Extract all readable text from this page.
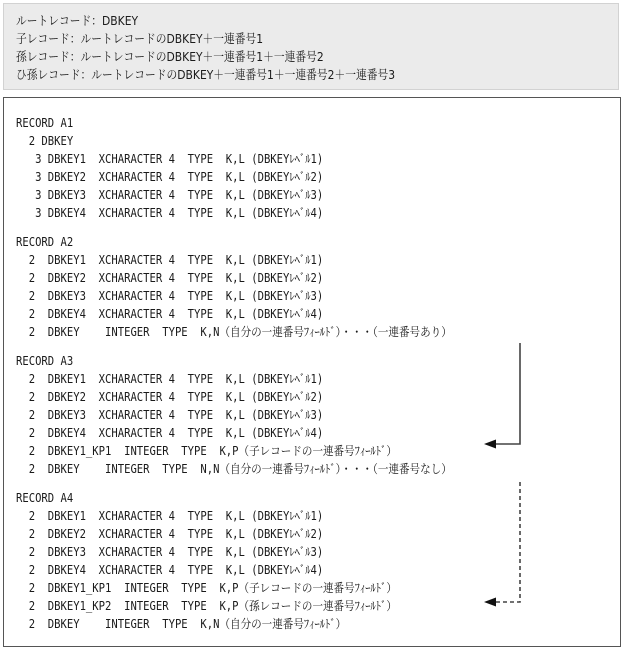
ルートレコード：DBKEY
子レコード：ルートレコードのDBKEY＋一連番号1
孫レコード：ルートレコードのDBKEY＋一連番号1＋一連番号2
ひ孫レコード：ルートレコードのDBKEY＋一連番号1＋一連番号2＋一連番号3
RECORD A1
2 DBKEY
3 DBKEY1  XCHARACTER 4  TYPE  K,L (DBKEYﾚﾍﾞﾙ1)
3 DBKEY2  XCHARACTER 4  TYPE  K,L (DBKEYﾚﾍﾞﾙ2)
3 DBKEY3  XCHARACTER 4  TYPE  K,L (DBKEYﾚﾍﾞﾙ3)
3 DBKEY4  XCHARACTER 4  TYPE  K,L (DBKEYﾚﾍﾞﾙ4)
RECORD A2
2  DBKEY1  XCHARACTER 4  TYPE  K,L (DBKEYﾚﾍﾞﾙ1)
2  DBKEY2  XCHARACTER 4  TYPE  K,L (DBKEYﾚﾍﾞﾙ2)
2  DBKEY3  XCHARACTER 4  TYPE  K,L (DBKEYﾚﾍﾞﾙ3)
2  DBKEY4  XCHARACTER 4  TYPE  K,L (DBKEYﾚﾍﾞﾙ4)
2  DBKEY    INTEGER  TYPE  K,N（自分の一連番号ﾌｨｰﾙﾄﾞ）・・・（一連番号あり）
RECORD A3
2  DBKEY1  XCHARACTER 4  TYPE  K,L (DBKEYﾚﾍﾞﾙ1)
2  DBKEY2  XCHARACTER 4  TYPE  K,L (DBKEYﾚﾍﾞﾙ2)
2  DBKEY3  XCHARACTER 4  TYPE  K,L (DBKEYﾚﾍﾞﾙ3)
2  DBKEY4  XCHARACTER 4  TYPE  K,L (DBKEYﾚﾍﾞﾙ4)
2  DBKEY1_KP1  INTEGER  TYPE  K,P（子レコードの一連番号ﾌｨｰﾙﾄﾞ）
2  DBKEY    INTEGER  TYPE  N,N（自分の一連番号ﾌｨｰﾙﾄﾞ）・・・（一連番号なし）
RECORD A4
2  DBKEY1  XCHARACTER 4  TYPE  K,L (DBKEYﾚﾍﾞﾙ1)
2  DBKEY2  XCHARACTER 4  TYPE  K,L (DBKEYﾚﾍﾞﾙ2)
2  DBKEY3  XCHARACTER 4  TYPE  K,L (DBKEYﾚﾍﾞﾙ3)
2  DBKEY4  XCHARACTER 4  TYPE  K,L (DBKEYﾚﾍﾞﾙ4)
2  DBKEY1_KP1  INTEGER  TYPE  K,P（子レコードの一連番号ﾌｨｰﾙﾄﾞ）
2  DBKEY1_KP2  INTEGER  TYPE  K,P（孫レコードの一連番号ﾌｨｰﾙﾄﾞ）
2  DBKEY    INTEGER  TYPE  K,N（自分の一連番号ﾌｨｰﾙﾄﾞ）
